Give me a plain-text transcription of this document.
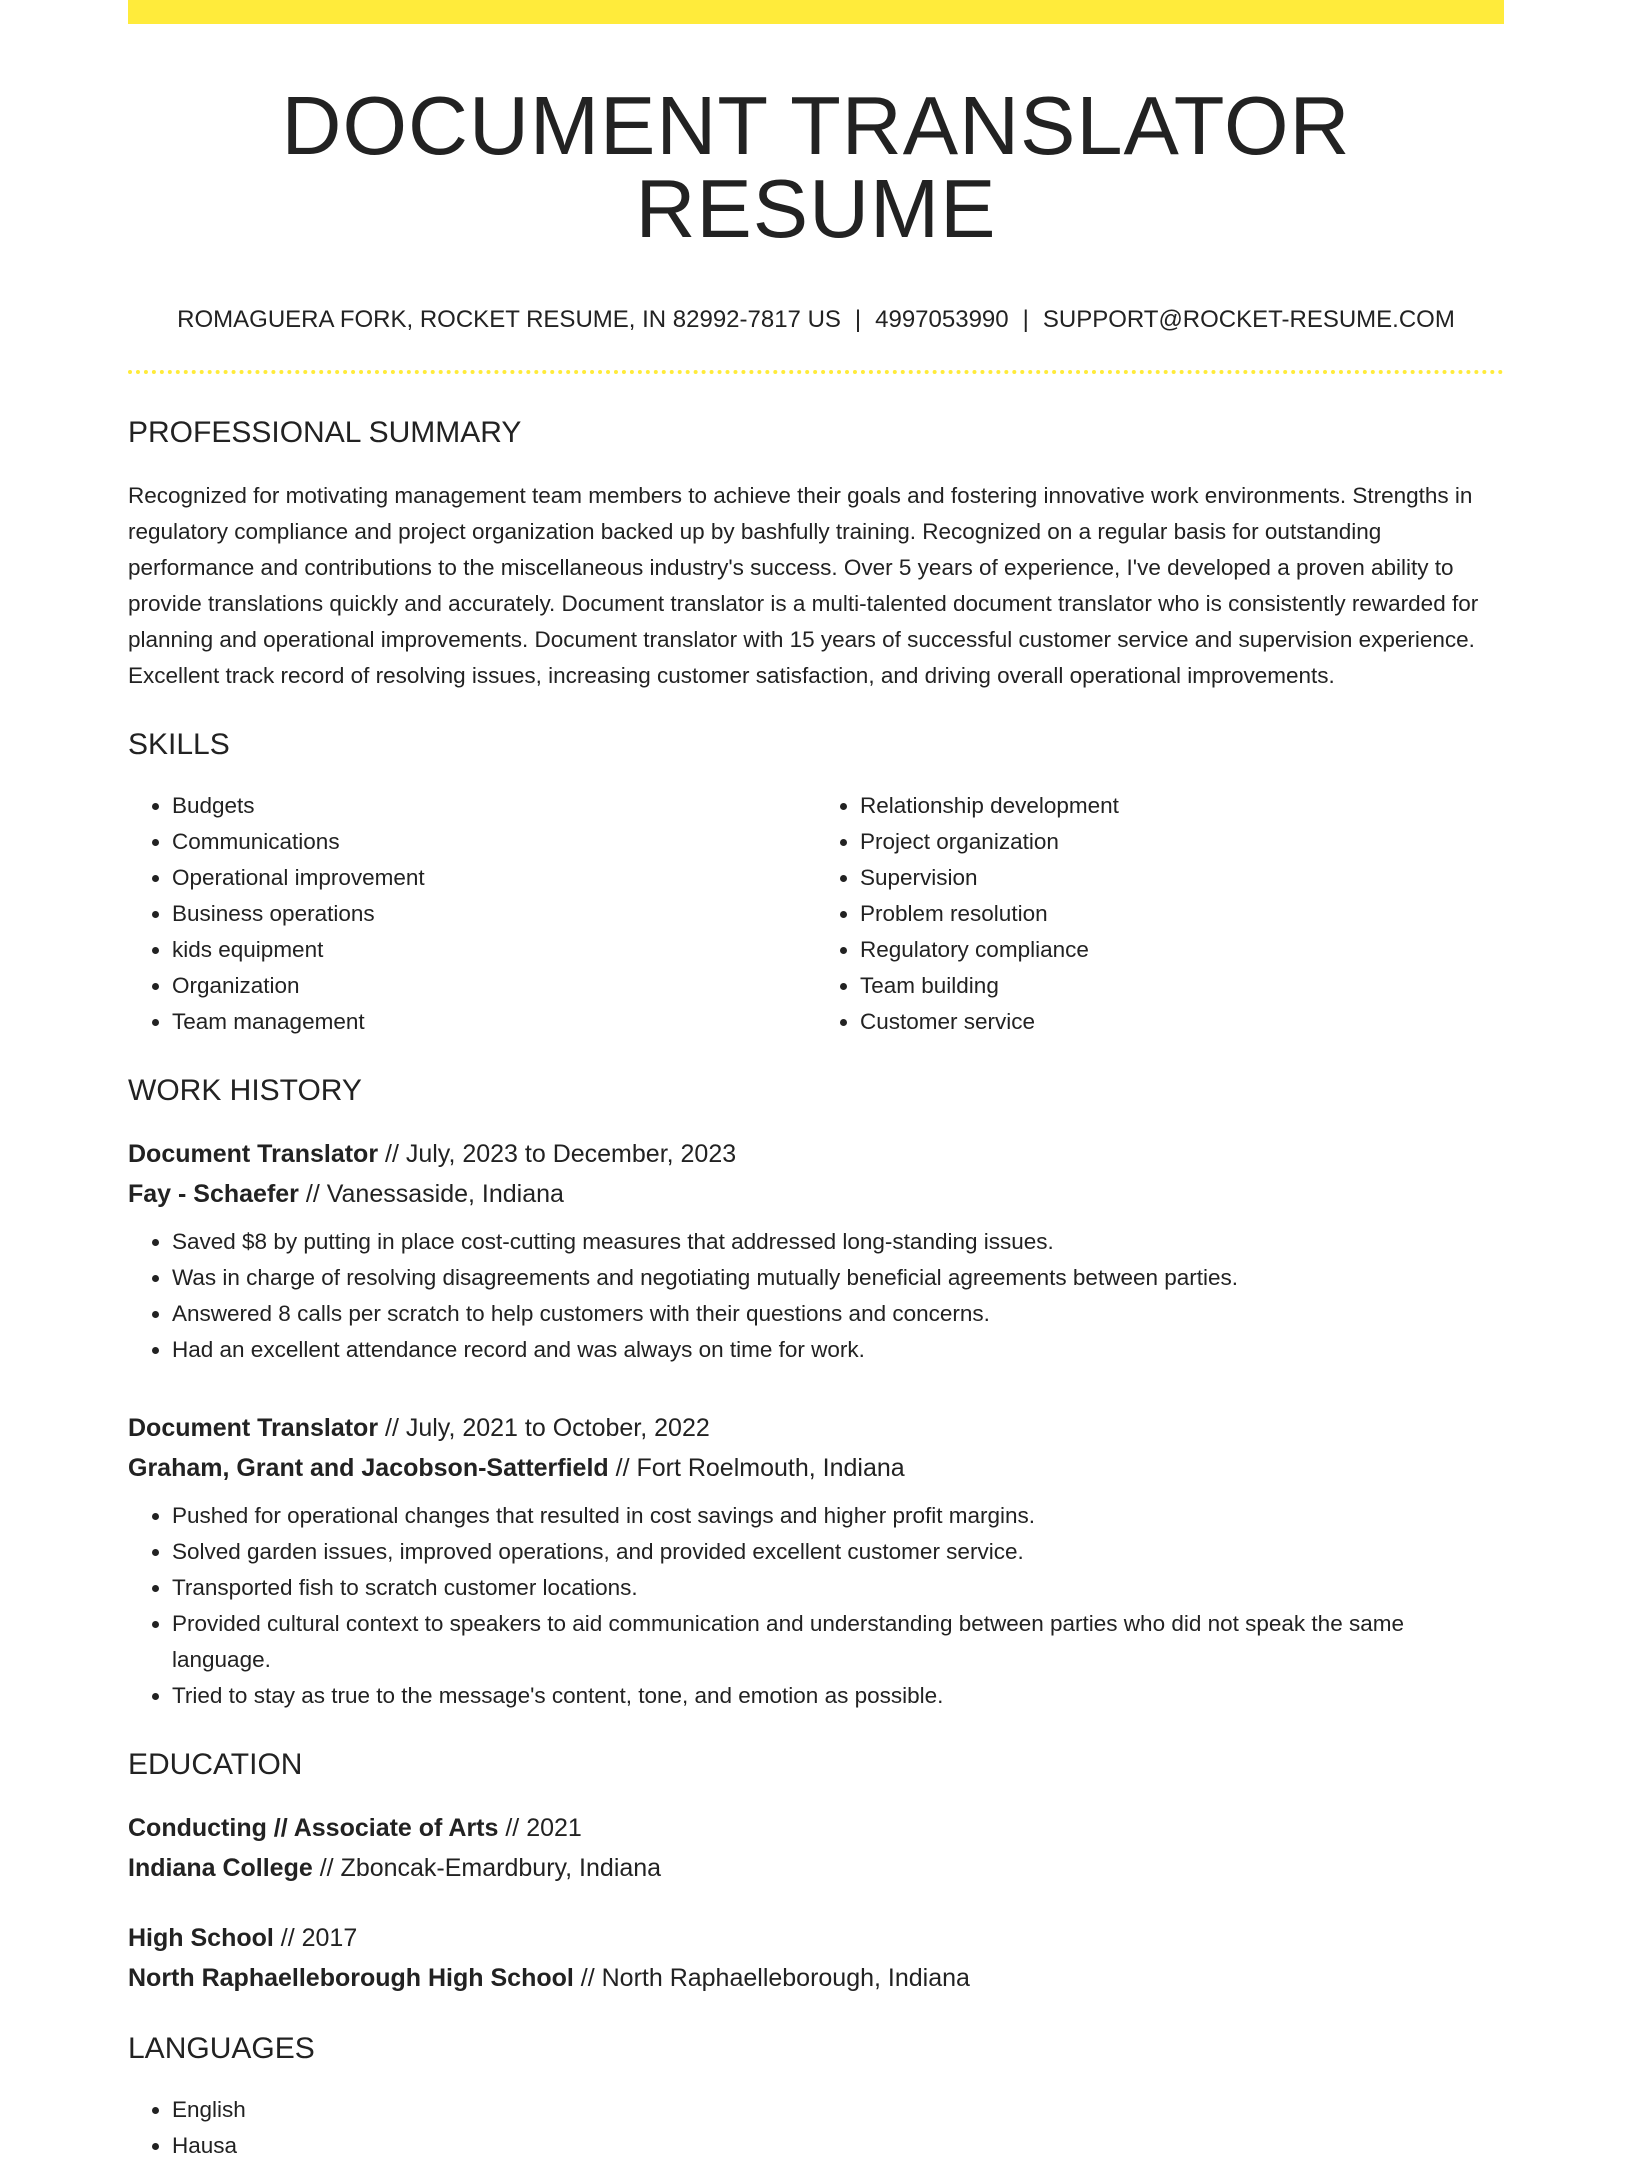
DOCUMENT TRANSLATOR RESUME
ROMAGUERA FORK, ROCKET RESUME, IN 82992-7817 US | 4997053990 | SUPPORT@ROCKET-RESUME.COM
PROFESSIONAL SUMMARY

Recognized for motivating management team members to achieve their goals and fostering innovative work environments. Strengths in regulatory compliance and project organization backed up by bashfully training. Recognized on a regular basis for outstanding performance and contributions to the miscellaneous industry's success. Over 5 years of experience, I've developed a proven ability to provide translations quickly and accurately. Document translator is a multi-talented document translator who is consistently rewarded for planning and operational improvements. Document translator with 15 years of successful customer service and supervision experience. Excellent track record of resolving issues, increasing customer satisfaction, and driving overall operational improvements.

SKILLS
• Budgets
• Communications
• Operational improvement
• Business operations
• kids equipment
• Organization
• Team management
• Relationship development
• Project organization
• Supervision
• Problem resolution
• Regulatory compliance
• Team building
• Customer service
WORK HISTORY
Document Translator // July, 2023 to December, 2023
Fay - Schaefer // Vanessaside, Indiana
• Saved $8 by putting in place cost-cutting measures that addressed long-standing issues.
• Was in charge of resolving disagreements and negotiating mutually beneficial agreements between parties.
• Answered 8 calls per scratch to help customers with their questions and concerns.
• Had an excellent attendance record and was always on time for work.
Document Translator // July, 2021 to October, 2022
Graham, Grant and Jacobson-Satterfield // Fort Roelmouth, Indiana
• Pushed for operational changes that resulted in cost savings and higher profit margins.
• Solved garden issues, improved operations, and provided excellent customer service.
• Transported fish to scratch customer locations.
• Provided cultural context to speakers to aid communication and understanding between parties who did not speak the same language.
• Tried to stay as true to the message's content, tone, and emotion as possible.
EDUCATION
Conducting // Associate of Arts // 2021
Indiana College // Zboncak-Emardbury, Indiana
High School // 2017
North Raphaelleborough High School // North Raphaelleborough, Indiana
LANGUAGES
• English
• Hausa
